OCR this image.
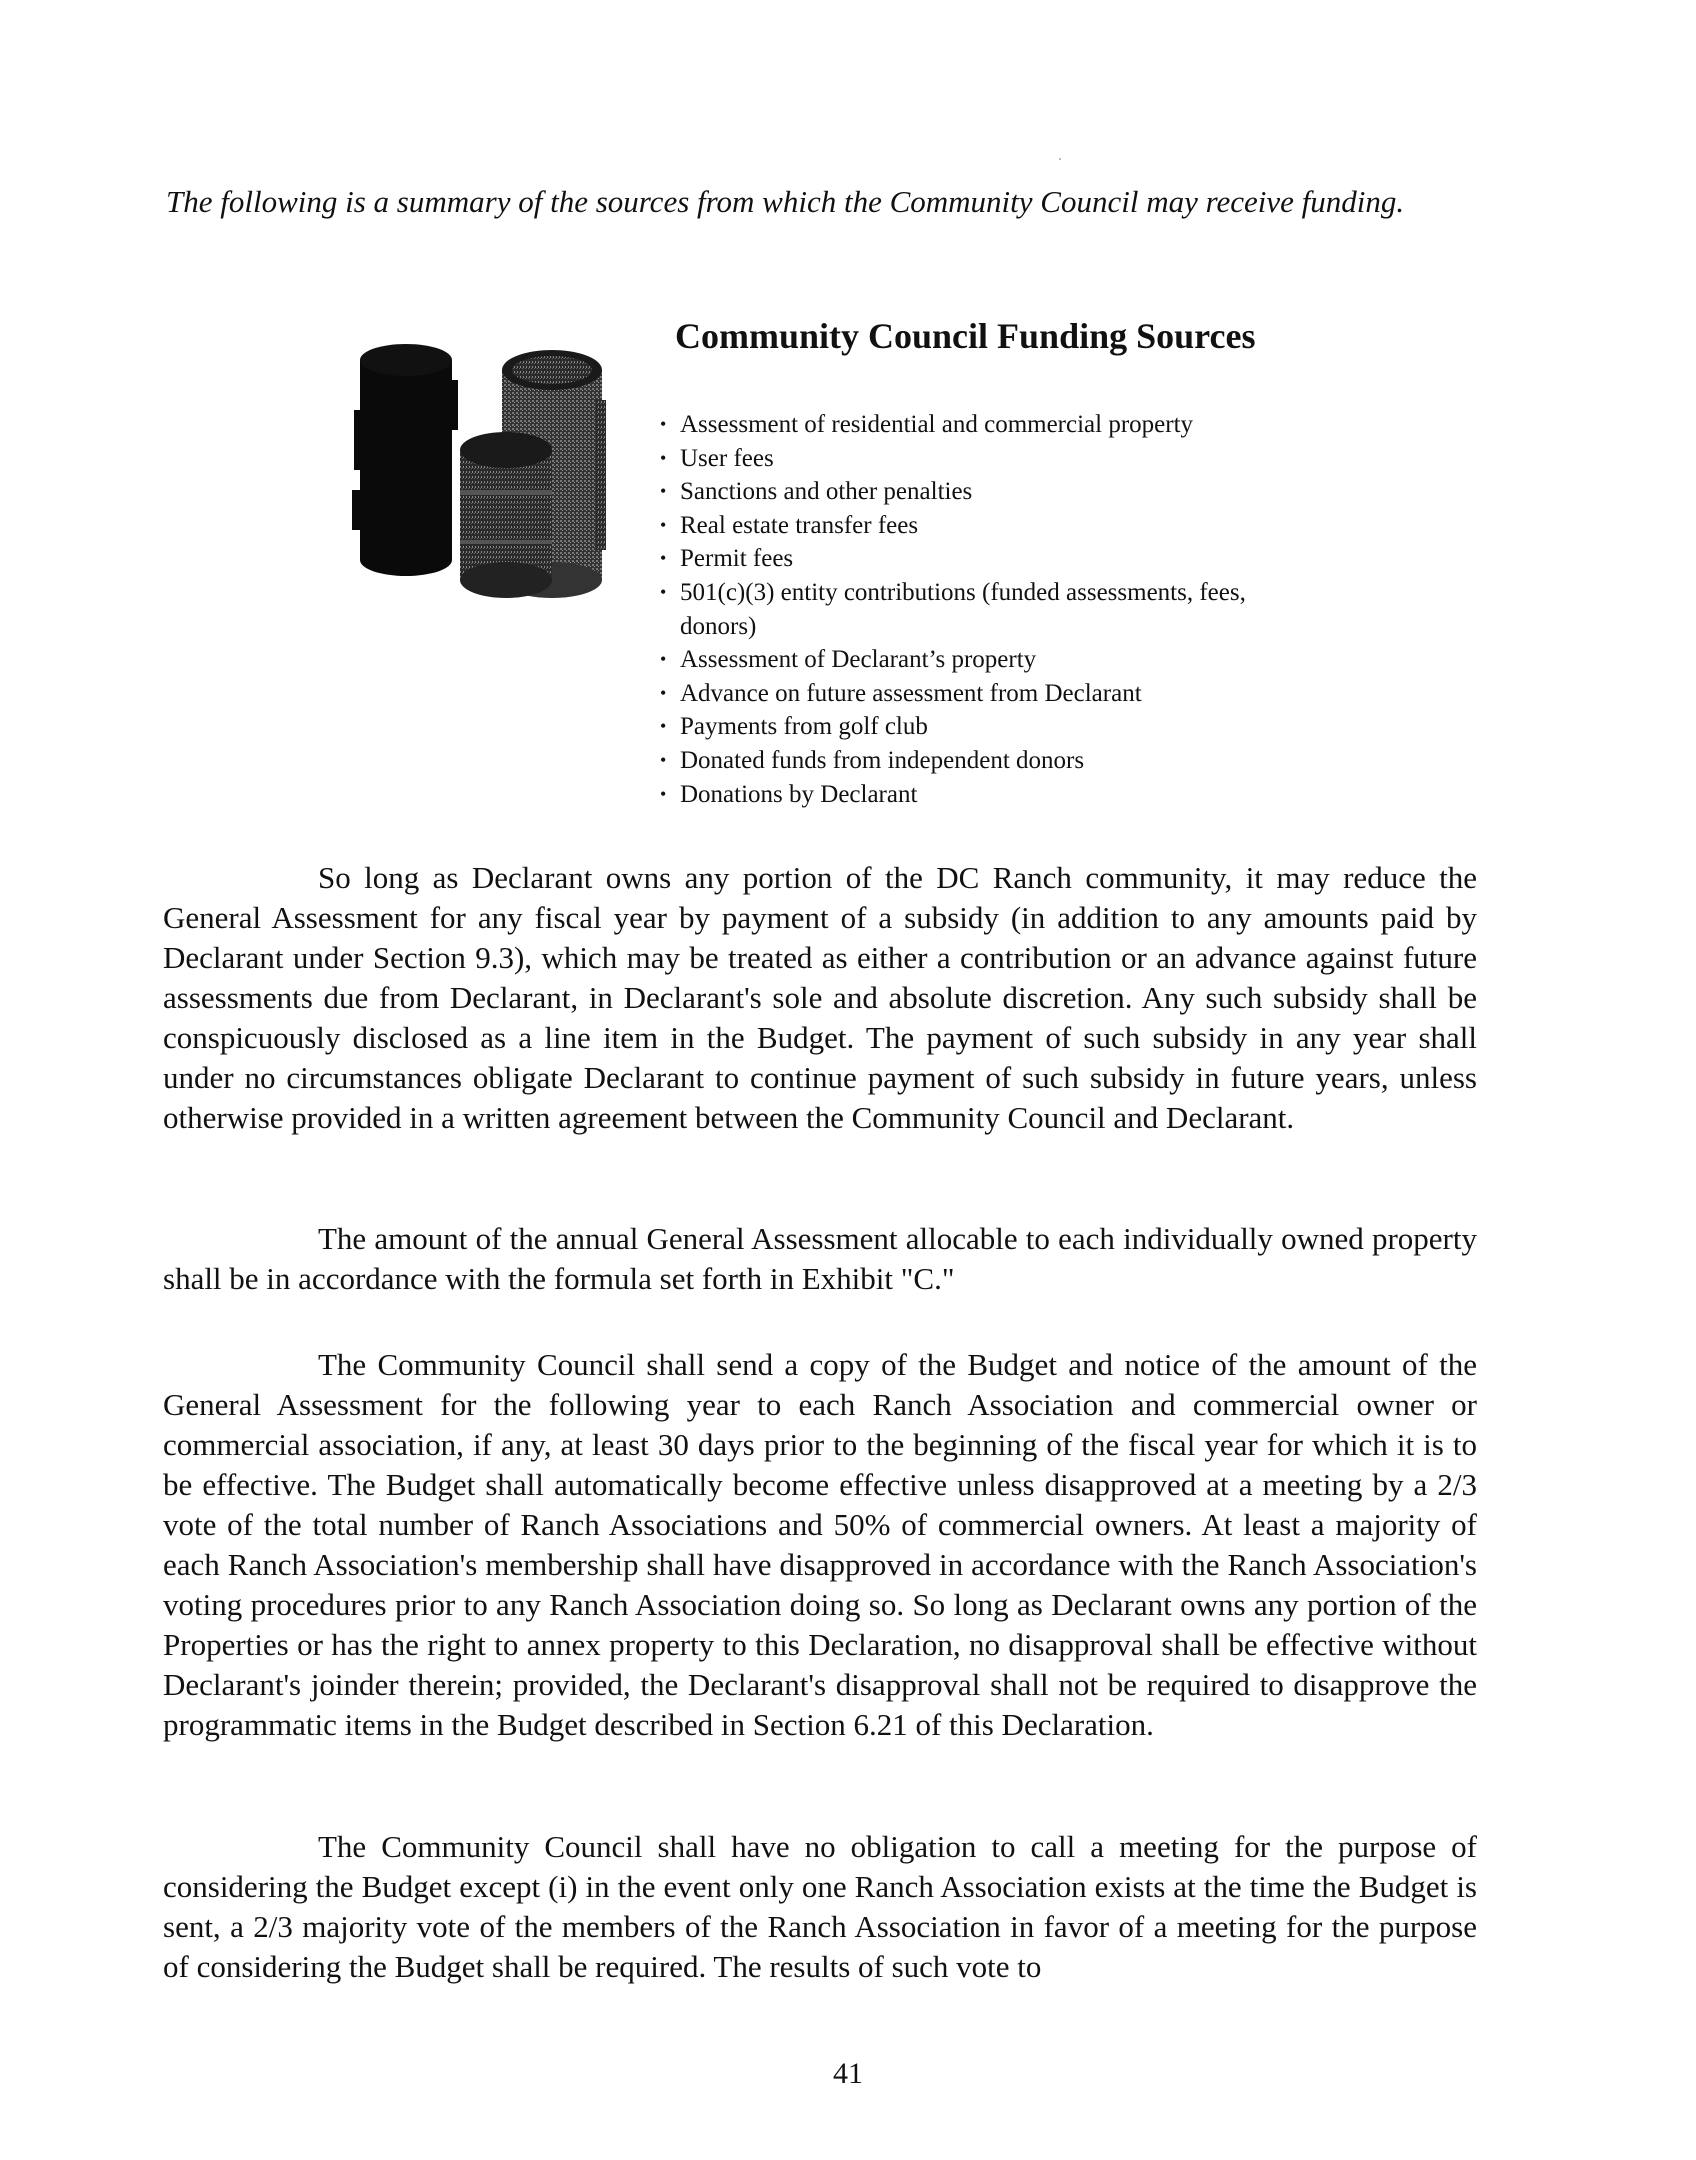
The following is a summary of the sources from which the Community Council may receive funding.

Community Council Funding Sources
• Assessment of residential and commercial property
• User fees
• Sanctions and other penalties
• Real estate transfer fees
• Permit fees
• 501(c)(3) entity contributions (funded assessments, fees, donors)
• Assessment of Declarant’s property
• Advance on future assessment from Declarant
• Payments from golf club
• Donated funds from independent donors
• Donations by Declarant

So long as Declarant owns any portion of the DC Ranch community, it may reduce the General Assessment for any fiscal year by payment of a subsidy (in addition to any amounts paid by Declarant under Section 9.3), which may be treated as either a contribution or an advance against future assessments due from Declarant, in Declarant's sole and absolute discretion. Any such subsidy shall be conspicuously disclosed as a line item in the Budget. The payment of such subsidy in any year shall under no circumstances obligate Declarant to continue payment of such subsidy in future years, unless otherwise provided in a written agreement between the Community Council and Declarant.

The amount of the annual General Assessment allocable to each individually owned property shall be in accordance with the formula set forth in Exhibit "C."

The Community Council shall send a copy of the Budget and notice of the amount of the General Assessment for the following year to each Ranch Association and commercial owner or commercial association, if any, at least 30 days prior to the beginning of the fiscal year for which it is to be effective. The Budget shall automatically become effective unless disapproved at a meeting by a 2/3 vote of the total number of Ranch Associations and 50% of commercial owners. At least a majority of each Ranch Association's membership shall have disapproved in accordance with the Ranch Association's voting procedures prior to any Ranch Association doing so. So long as Declarant owns any portion of the Properties or has the right to annex property to this Declaration, no disapproval shall be effective without Declarant's joinder therein; provided, the Declarant's disapproval shall not be required to disapprove the programmatic items in the Budget described in Section 6.21 of this Declaration.

The Community Council shall have no obligation to call a meeting for the purpose of considering the Budget except (i) in the event only one Ranch Association exists at the time the Budget is sent, a 2/3 majority vote of the members of the Ranch Association in favor of a meeting for the purpose of considering the Budget shall be required. The results of such vote to

41
